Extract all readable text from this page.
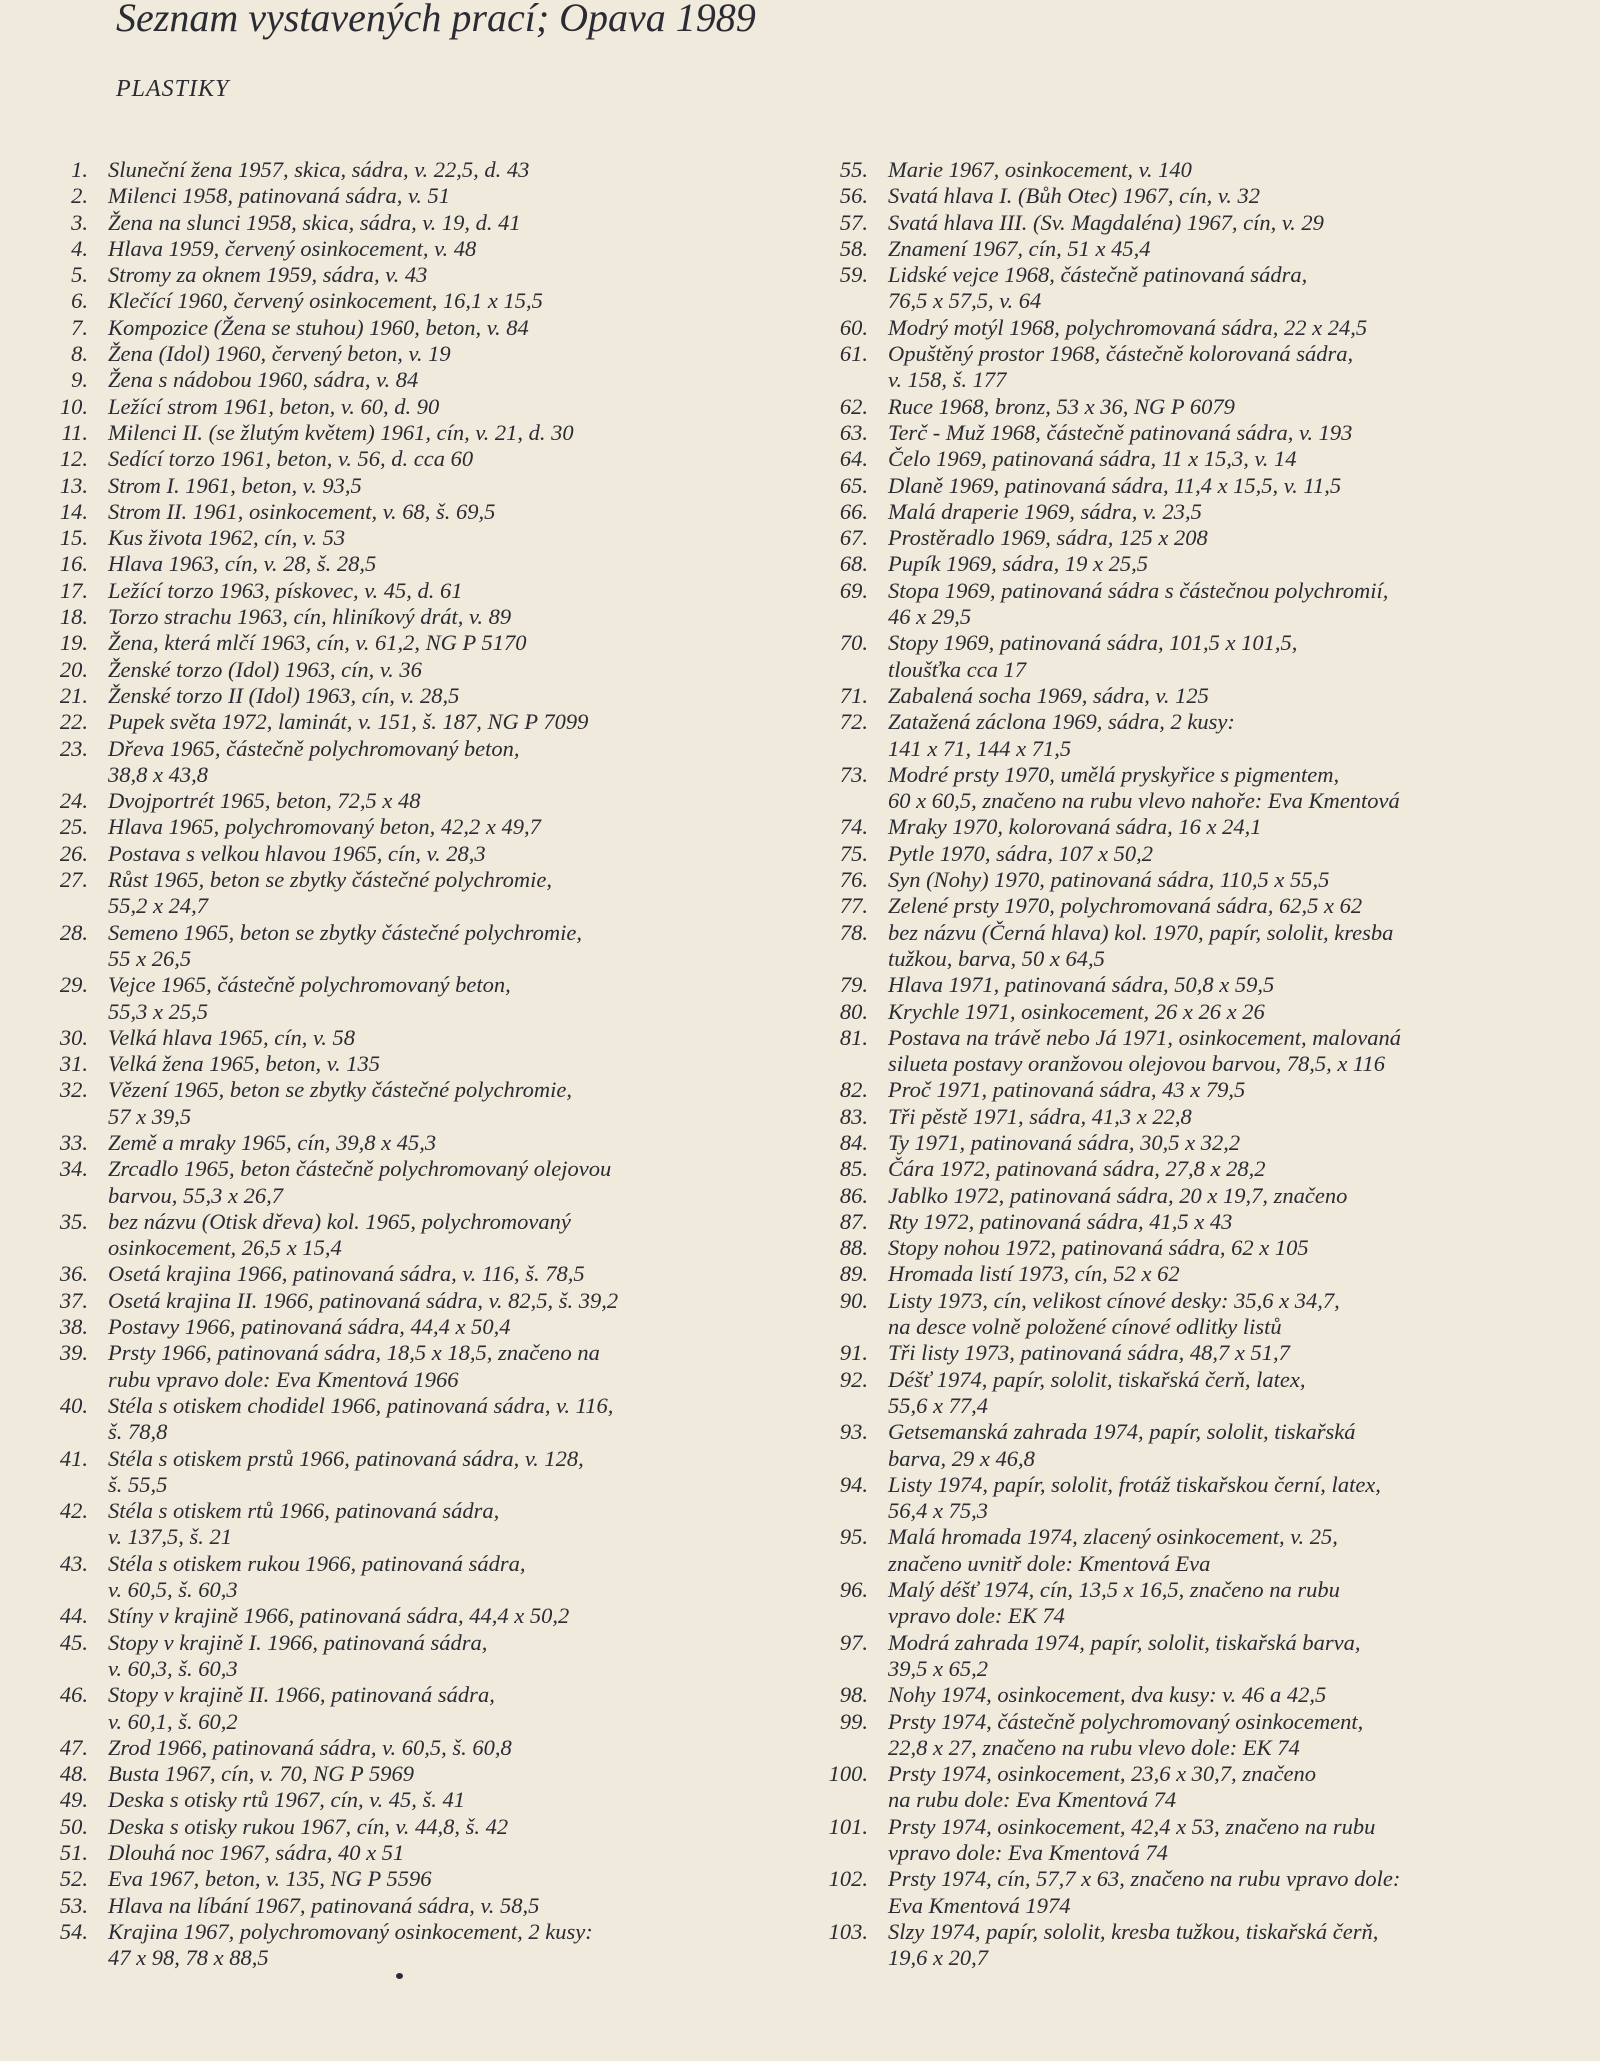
Seznam vystavených prací; Opava 1989
PLASTIKY
1. Sluneční žena 1957, skica, sádra, v. 22,5, d. 43
2. Milenci 1958, patinovaná sádra, v. 51
3. Žena na slunci 1958, skica, sádra, v. 19, d. 41
4. Hlava 1959, červený osinkocement, v. 48
5. Stromy za oknem 1959, sádra, v. 43
6. Klečící 1960, červený osinkocement, 16,1 x 15,5
7. Kompozice (Žena se stuhou) 1960, beton, v. 84
8. Žena (Idol) 1960, červený beton, v. 19
9. Žena s nádobou 1960, sádra, v. 84
10. Ležící strom 1961, beton, v. 60, d. 90
11. Milenci II. (se žlutým květem) 1961, cín, v. 21, d. 30
12. Sedící torzo 1961, beton, v. 56, d. cca 60
13. Strom I. 1961, beton, v. 93,5
14. Strom II. 1961, osinkocement, v. 68, š. 69,5
15. Kus života 1962, cín, v. 53
16. Hlava 1963, cín, v. 28, š. 28,5
17. Ležící torzo 1963, pískovec, v. 45, d. 61
18. Torzo strachu 1963, cín, hliníkový drát, v. 89
19. Žena, která mlčí 1963, cín, v. 61,2, NG P 5170
20. Ženské torzo (Idol) 1963, cín, v. 36
21. Ženské torzo II (Idol) 1963, cín, v. 28,5
22. Pupek světa 1972, laminát, v. 151, š. 187, NG P 7099
23. Dřeva 1965, částečně polychromovaný beton,
38,8 x 43,8
24. Dvojportrét 1965, beton, 72,5 x 48
25. Hlava 1965, polychromovaný beton, 42,2 x 49,7
26. Postava s velkou hlavou 1965, cín, v. 28,3
27. Růst 1965, beton se zbytky částečné polychromie,
55,2 x 24,7
28. Semeno 1965, beton se zbytky částečné polychromie,
55 x 26,5
29. Vejce 1965, částečně polychromovaný beton,
55,3 x 25,5
30. Velká hlava 1965, cín, v. 58
31. Velká žena 1965, beton, v. 135
32. Vězení 1965, beton se zbytky částečné polychromie,
57 x 39,5
33. Země a mraky 1965, cín, 39,8 x 45,3
34. Zrcadlo 1965, beton částečně polychromovaný olejovou
barvou, 55,3 x 26,7
35. bez názvu (Otisk dřeva) kol. 1965, polychromovaný
osinkocement, 26,5 x 15,4
36. Osetá krajina 1966, patinovaná sádra, v. 116, š. 78,5
37. Osetá krajina II. 1966, patinovaná sádra, v. 82,5, š. 39,2
38. Postavy 1966, patinovaná sádra, 44,4 x 50,4
39. Prsty 1966, patinovaná sádra, 18,5 x 18,5, značeno na
rubu vpravo dole: Eva Kmentová 1966
40. Stéla s otiskem chodidel 1966, patinovaná sádra, v. 116,
š. 78,8
41. Stéla s otiskem prstů 1966, patinovaná sádra, v. 128,
š. 55,5
42. Stéla s otiskem rtů 1966, patinovaná sádra,
v. 137,5, š. 21
43. Stéla s otiskem rukou 1966, patinovaná sádra,
v. 60,5, š. 60,3
44. Stíny v krajině 1966, patinovaná sádra, 44,4 x 50,2
45. Stopy v krajině I. 1966, patinovaná sádra,
v. 60,3, š. 60,3
46. Stopy v krajině II. 1966, patinovaná sádra,
v. 60,1, š. 60,2
47. Zrod 1966, patinovaná sádra, v. 60,5, š. 60,8
48. Busta 1967, cín, v. 70, NG P 5969
49. Deska s otisky rtů 1967, cín, v. 45, š. 41
50. Deska s otisky rukou 1967, cín, v. 44,8, š. 42
51. Dlouhá noc 1967, sádra, 40 x 51
52. Eva 1967, beton, v. 135, NG P 5596
53. Hlava na líbání 1967, patinovaná sádra, v. 58,5
54. Krajina 1967, polychromovaný osinkocement, 2 kusy:
47 x 98, 78 x 88,5
55. Marie 1967, osinkocement, v. 140
56. Svatá hlava I. (Bůh Otec) 1967, cín, v. 32
57. Svatá hlava III. (Sv. Magdaléna) 1967, cín, v. 29
58. Znamení 1967, cín, 51 x 45,4
59. Lidské vejce 1968, částečně patinovaná sádra,
76,5 x 57,5, v. 64
60. Modrý motýl 1968, polychromovaná sádra, 22 x 24,5
61. Opuštěný prostor 1968, částečně kolorovaná sádra,
v. 158, š. 177
62. Ruce 1968, bronz, 53 x 36, NG P 6079
63. Terč - Muž 1968, částečně patinovaná sádra, v. 193
64. Čelo 1969, patinovaná sádra, 11 x 15,3, v. 14
65. Dlaně 1969, patinovaná sádra, 11,4 x 15,5, v. 11,5
66. Malá draperie 1969, sádra, v. 23,5
67. Prostěradlo 1969, sádra, 125 x 208
68. Pupík 1969, sádra, 19 x 25,5
69. Stopa 1969, patinovaná sádra s částečnou polychromií,
46 x 29,5
70. Stopy 1969, patinovaná sádra, 101,5 x 101,5,
tloušťka cca 17
71. Zabalená socha 1969, sádra, v. 125
72. Zatažená záclona 1969, sádra, 2 kusy:
141 x 71, 144 x 71,5
73. Modré prsty 1970, umělá pryskyřice s pigmentem,
60 x 60,5, značeno na rubu vlevo nahoře: Eva Kmentová
74. Mraky 1970, kolorovaná sádra, 16 x 24,1
75. Pytle 1970, sádra, 107 x 50,2
76. Syn (Nohy) 1970, patinovaná sádra, 110,5 x 55,5
77. Zelené prsty 1970, polychromovaná sádra, 62,5 x 62
78. bez názvu (Černá hlava) kol. 1970, papír, sololit, kresba
tužkou, barva, 50 x 64,5
79. Hlava 1971, patinovaná sádra, 50,8 x 59,5
80. Krychle 1971, osinkocement, 26 x 26 x 26
81. Postava na trávě nebo Já 1971, osinkocement, malovaná
silueta postavy oranžovou olejovou barvou, 78,5, x 116
82. Proč 1971, patinovaná sádra, 43 x 79,5
83. Tři pěstě 1971, sádra, 41,3 x 22,8
84. Ty 1971, patinovaná sádra, 30,5 x 32,2
85. Čára 1972, patinovaná sádra, 27,8 x 28,2
86. Jablko 1972, patinovaná sádra, 20 x 19,7, značeno
87. Rty 1972, patinovaná sádra, 41,5 x 43
88. Stopy nohou 1972, patinovaná sádra, 62 x 105
89. Hromada listí 1973, cín, 52 x 62
90. Listy 1973, cín, velikost cínové desky: 35,6 x 34,7,
na desce volně položené cínové odlitky listů
91. Tři listy 1973, patinovaná sádra, 48,7 x 51,7
92. Déšť 1974, papír, sololit, tiskařská čerň, latex,
55,6 x 77,4
93. Getsemanská zahrada 1974, papír, sololit, tiskařská
barva, 29 x 46,8
94. Listy 1974, papír, sololit, frotáž tiskařskou černí, latex,
56,4 x 75,3
95. Malá hromada 1974, zlacený osinkocement, v. 25,
značeno uvnitř dole: Kmentová Eva
96. Malý déšť 1974, cín, 13,5 x 16,5, značeno na rubu
vpravo dole: EK 74
97. Modrá zahrada 1974, papír, sololit, tiskařská barva,
39,5 x 65,2
98. Nohy 1974, osinkocement, dva kusy: v. 46 a 42,5
99. Prsty 1974, částečně polychromovaný osinkocement,
22,8 x 27, značeno na rubu vlevo dole: EK 74
100. Prsty 1974, osinkocement, 23,6 x 30,7, značeno
na rubu dole: Eva Kmentová 74
101. Prsty 1974, osinkocement, 42,4 x 53, značeno na rubu
vpravo dole: Eva Kmentová 74
102. Prsty 1974, cín, 57,7 x 63, značeno na rubu vpravo dole:
Eva Kmentová 1974
103. Slzy 1974, papír, sololit, kresba tužkou, tiskařská čerň,
19,6 x 20,7
